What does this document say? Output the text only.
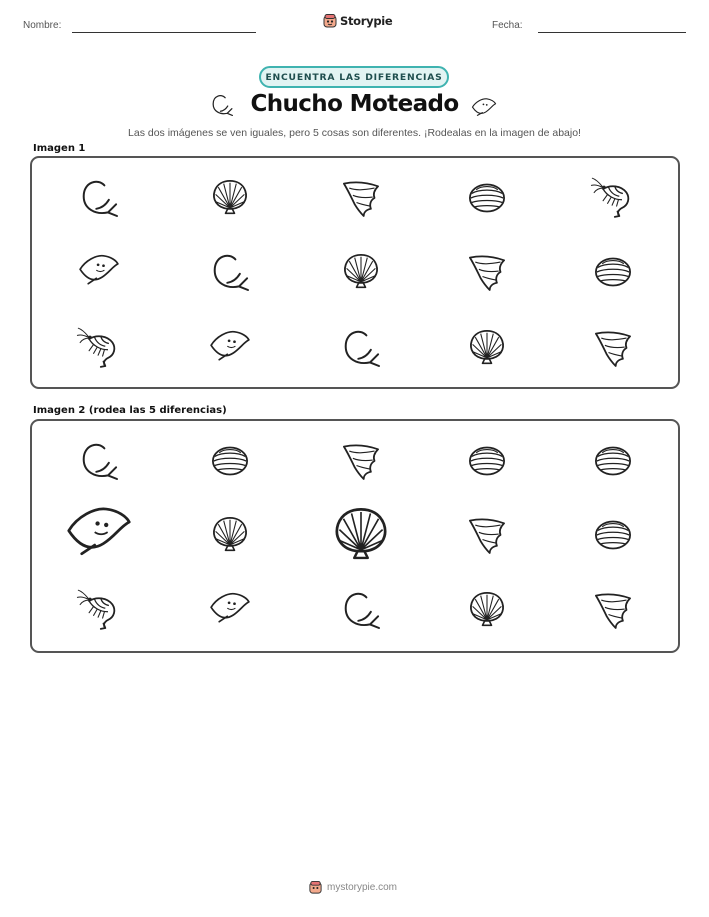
Nombre:	Storypie	Fecha:
ENCUENTRA LAS DIFERENCIAS
Chucho Moteado
Las dos imágenes se ven iguales, pero 5 cosas son diferentes. ¡Rodealas en la imagen de abajo!
Imagen 1
Imagen 2 (rodea las 5 diferencias)
mystorypie.com
